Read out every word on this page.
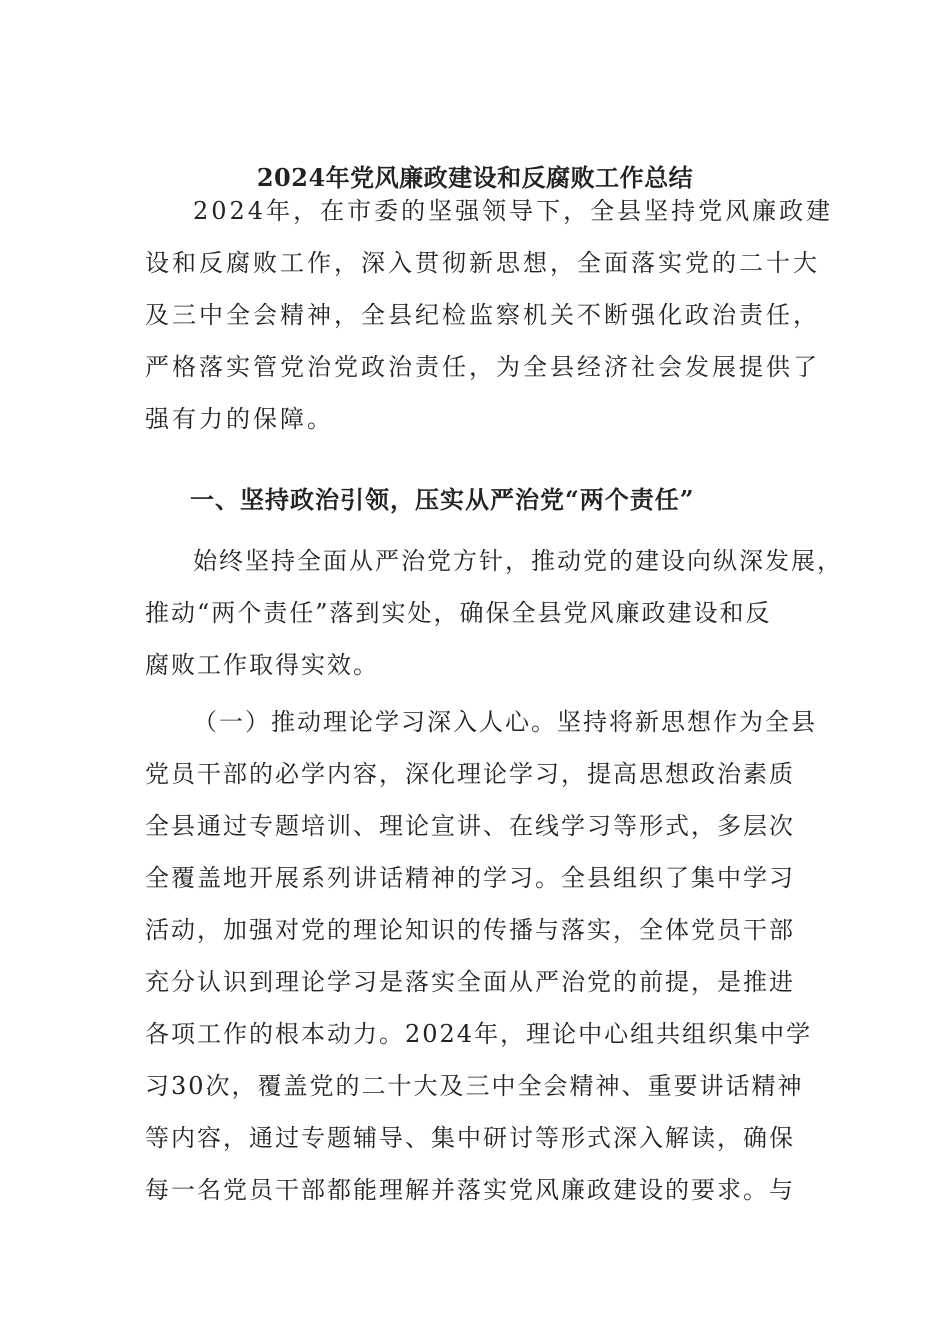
2024年党风廉政建设和反腐败工作总结
2024年，在市委的坚强领导下，全县坚持党风廉政建
设和反腐败工作，深入贯彻新思想，全面落实党的二十大
及三中全会精神，全县纪检监察机关不断强化政治责任，
严格落实管党治党政治责任，为全县经济社会发展提供了
强有力的保障。
一、坚持政治引领，压实从严治党“两个责任”
始终坚持全面从严治党方针，推动党的建设向纵深发展，
推动“两个责任”落到实处，确保全县党风廉政建设和反
腐败工作取得实效。
（一）推动理论学习深入人心。坚持将新思想作为全县
党员干部的必学内容，深化理论学习，提高思想政治素质
全县通过专题培训、理论宣讲、在线学习等形式，多层次
全覆盖地开展系列讲话精神的学习。全县组织了集中学习
活动，加强对党的理论知识的传播与落实，全体党员干部
充分认识到理论学习是落实全面从严治党的前提，是推进
各项工作的根本动力。2024年，理论中心组共组织集中学
习30次，覆盖党的二十大及三中全会精神、重要讲话精神
等内容，通过专题辅导、集中研讨等形式深入解读，确保
每一名党员干部都能理解并落实党风廉政建设的要求。与
